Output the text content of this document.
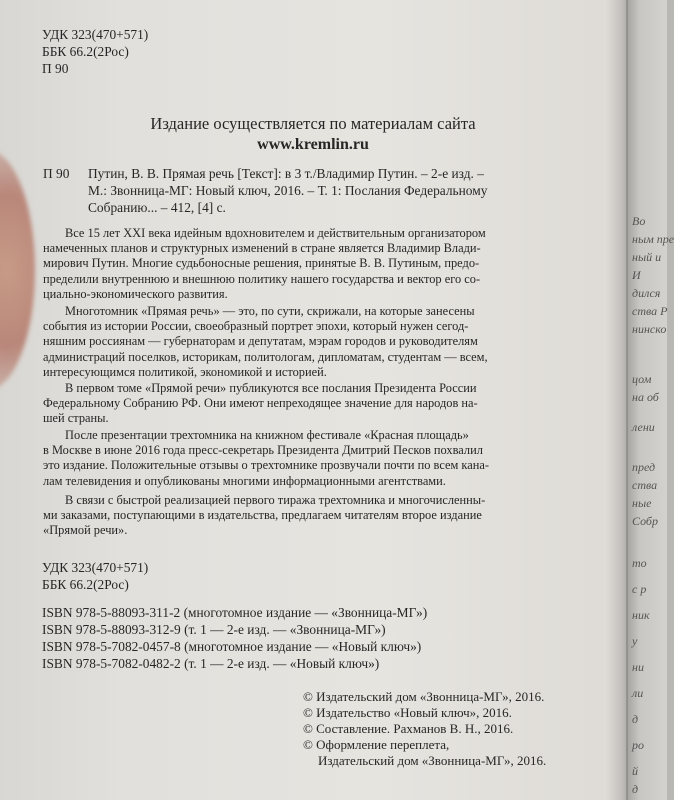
УДК 323(470+571)
ББК 66.2(2Рос)
П 90
Издание осуществляется по материалам сайта
www.kremlin.ru
П 90 Путин, В. В. Прямая речь [Текст]: в 3 т./Владимир Путин. – 2-е изд. –
М.: Звонница-МГ: Новый ключ, 2016. – Т. 1: Послания Федеральному
Собранию... – 412, [4] с.
Все 15 лет XXI века идейным вдохновителем и действительным организатором
намеченных планов и структурных изменений в стране является Владимир Влади-
мирович Путин. Многие судьбоносные решения, принятые В. В. Путиным, предо-
пределили внутреннюю и внешнюю политику нашего государства и вектор его со-
циально-экономического развития.
Многотомник «Прямая речь» — это, по сути, скрижали, на которые занесены
события из истории России, своеобразный портрет эпохи, который нужен сегод-
няшним россиянам — губернаторам и депутатам, мэрам городов и руководителям
администраций поселков, историкам, политологам, дипломатам, студентам — всем,
интересующимся политикой, экономикой и историей.
В первом томе «Прямой речи» публикуются все послания Президента России
Федеральному Собранию РФ. Они имеют непреходящее значение для народов на-
шей страны.
После презентации трехтомника на книжном фестивале «Красная площадь»
в Москве в июне 2016 года пресс-секретарь Президента Дмитрий Песков похвалил
это издание. Положительные отзывы о трехтомнике прозвучали почти по всем кана-
лам телевидения и опубликованы многими информационными агентствами.
В связи с быстрой реализацией первого тиража трехтомника и многочисленны-
ми заказами, поступающими в издательства, предлагаем читателям второе издание
«Прямой речи».
УДК 323(470+571)
ББК 66.2(2Рос)
ISBN 978-5-88093-311-2 (многотомное издание — «Звонница-МГ»)
ISBN 978-5-88093-312-9 (т. 1 — 2-е изд. — «Звонница-МГ»)
ISBN 978-5-7082-0457-8 (многотомное издание — «Новый ключ»)
ISBN 978-5-7082-0482-2 (т. 1 — 2-е изд. — «Новый ключ»)
© Издательский дом «Звонница-МГ», 2016.
© Издательство «Новый ключ», 2016.
© Составление. Рахманов В. Н., 2016.
© Оформление переплета,
Издательский дом «Звонница-МГ», 2016.
Во
ным пре
ный и
И
дился
ства Р
нинско
цом
на об
лени
пред
ства
ные
Собр
то
с р
ник
у
ни
ли
д
ро
й
д
